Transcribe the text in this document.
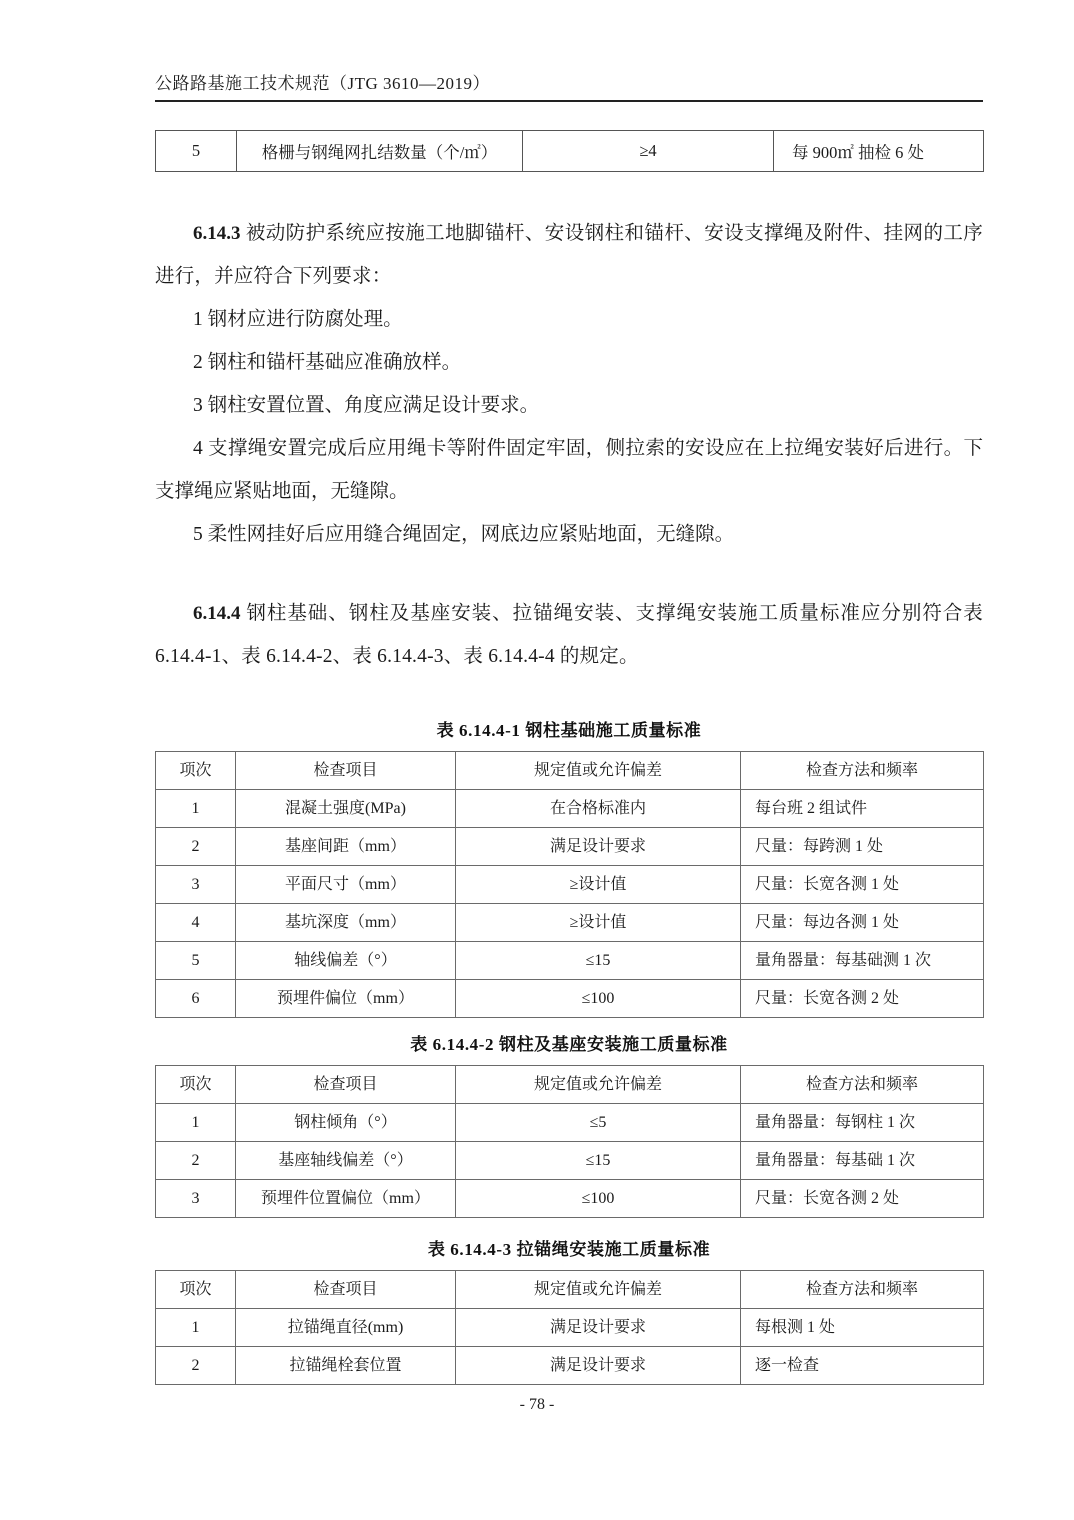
公路路基施工技术规范（JTG 3610—2019）
5	格栅与钢绳网扎结数量（个/㎡）	≥4	每 900㎡ 抽检 6 处

6.14.3 被动防护系统应按施工地脚锚杆、安设钢柱和锚杆、安设支撑绳及附件、挂网的工序进行，并应符合下列要求：

1 钢材应进行防腐处理。

2 钢柱和锚杆基础应准确放样。

3 钢柱安置位置、角度应满足设计要求。

4 支撑绳安置完成后应用绳卡等附件固定牢固，侧拉索的安设应在上拉绳安装好后进行。下支撑绳应紧贴地面，无缝隙。

5 柔性网挂好后应用缝合绳固定，网底边应紧贴地面，无缝隙。

6.14.4 钢柱基础、钢柱及基座安装、拉锚绳安装、支撑绳安装施工质量标准应分别符合表 6.14.4-1、表 6.14.4-2、表 6.14.4-3、表 6.14.4-4 的规定。

表 6.14.4-1 钢柱基础施工质量标准

项次	检查项目	规定值或允许偏差	检查方法和频率
1	混凝土强度(MPa)	在合格标准内	每台班 2 组试件
2	基座间距（mm）	满足设计要求	尺量：每跨测 1 处
3	平面尺寸（mm）	≥设计值	尺量：长宽各测 1 处
4	基坑深度（mm）	≥设计值	尺量：每边各测 1 处
5	轴线偏差（°）	≤15	量角器量：每基础测 1 次
6	预埋件偏位（mm）	≤100	尺量：长宽各测 2 处

表 6.14.4-2 钢柱及基座安装施工质量标准

项次	检查项目	规定值或允许偏差	检查方法和频率
1	钢柱倾角（°）	≤5	量角器量：每钢柱 1 次
2	基座轴线偏差（°）	≤15	量角器量：每基础 1 次
3	预埋件位置偏位（mm）	≤100	尺量：长宽各测 2 处

表 6.14.4-3 拉锚绳安装施工质量标准

项次	检查项目	规定值或允许偏差	检查方法和频率
1	拉锚绳直径(mm)	满足设计要求	每根测 1 处
2	拉锚绳栓套位置	满足设计要求	逐一检查
- 78 -
